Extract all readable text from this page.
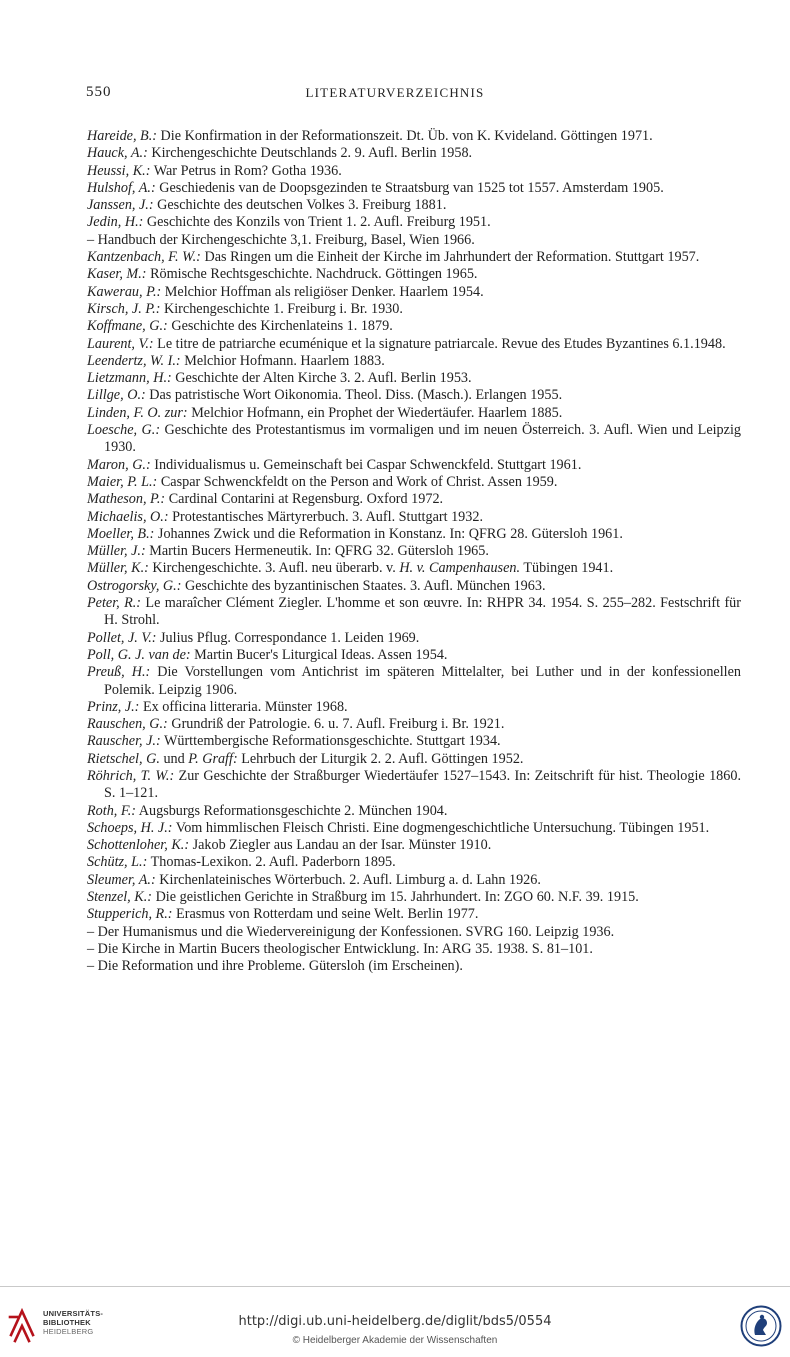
550	LITERATURVERZEICHNIS
Hareide, B.: Die Konfirmation in der Reformationszeit. Dt. Üb. von K. Kvideland. Göttingen 1971.
Hauck, A.: Kirchengeschichte Deutschlands 2. 9. Aufl. Berlin 1958.
Heussi, K.: War Petrus in Rom? Gotha 1936.
Hulshof, A.: Geschiedenis van de Doopsgezinden te Straatsburg van 1525 tot 1557. Amsterdam 1905.
Janssen, J.: Geschichte des deutschen Volkes 3. Freiburg 1881.
Jedin, H.: Geschichte des Konzils von Trient 1. 2. Aufl. Freiburg 1951.
– Handbuch der Kirchengeschichte 3,1. Freiburg, Basel, Wien 1966.
Kantzenbach, F. W.: Das Ringen um die Einheit der Kirche im Jahrhundert der Reformation. Stuttgart 1957.
Kaser, M.: Römische Rechtsgeschichte. Nachdruck. Göttingen 1965.
Kawerau, P.: Melchior Hoffman als religiöser Denker. Haarlem 1954.
Kirsch, J. P.: Kirchengeschichte 1. Freiburg i. Br. 1930.
Koffmane, G.: Geschichte des Kirchenlateins 1. 1879.
Laurent, V.: Le titre de patriarche ecuménique et la signature patriarcale. Revue des Etudes Byzantines 6.1.1948.
Leendertz, W. I.: Melchior Hofmann. Haarlem 1883.
Lietzmann, H.: Geschichte der Alten Kirche 3. 2. Aufl. Berlin 1953.
Lillge, O.: Das patristische Wort Oikonomia. Theol. Diss. (Masch.). Erlangen 1955.
Linden, F. O. zur: Melchior Hofmann, ein Prophet der Wiedertäufer. Haarlem 1885.
Loesche, G.: Geschichte des Protestantismus im vormaligen und im neuen Österreich. 3. Aufl. Wien und Leipzig 1930.
Maron, G.: Individualismus u. Gemeinschaft bei Caspar Schwenckfeld. Stuttgart 1961.
Maier, P. L.: Caspar Schwenckfeldt on the Person and Work of Christ. Assen 1959.
Matheson, P.: Cardinal Contarini at Regensburg. Oxford 1972.
Michaelis, O.: Protestantisches Märtyrerbuch. 3. Aufl. Stuttgart 1932.
Moeller, B.: Johannes Zwick und die Reformation in Konstanz. In: QFRG 28. Gütersloh 1961.
Müller, J.: Martin Bucers Hermeneutik. In: QFRG 32. Gütersloh 1965.
Müller, K.: Kirchengeschichte. 3. Aufl. neu überarb. v. H. v. Campenhausen. Tübingen 1941.
Ostrogorsky, G.: Geschichte des byzantinischen Staates. 3. Aufl. München 1963.
Peter, R.: Le maraîcher Clément Ziegler. L'homme et son œuvre. In: RHPR 34. 1954. S. 255–282. Festschrift für H. Strohl.
Pollet, J. V.: Julius Pflug. Correspondance 1. Leiden 1969.
Poll, G. J. van de: Martin Bucer's Liturgical Ideas. Assen 1954.
Preuß, H.: Die Vorstellungen vom Antichrist im späteren Mittelalter, bei Luther und in der konfessionellen Polemik. Leipzig 1906.
Prinz, J.: Ex officina litteraria. Münster 1968.
Rauschen, G.: Grundriß der Patrologie. 6. u. 7. Aufl. Freiburg i. Br. 1921.
Rauscher, J.: Württembergische Reformationsgeschichte. Stuttgart 1934.
Rietschel, G. und P. Graff: Lehrbuch der Liturgik 2. 2. Aufl. Göttingen 1952.
Röhrich, T. W.: Zur Geschichte der Straßburger Wiedertäufer 1527–1543. In: Zeitschrift für hist. Theologie 1860. S. 1–121.
Roth, F.: Augsburgs Reformationsgeschichte 2. München 1904.
Schoeps, H. J.: Vom himmlischen Fleisch Christi. Eine dogmengeschichtliche Untersuchung. Tübingen 1951.
Schottenloher, K.: Jakob Ziegler aus Landau an der Isar. Münster 1910.
Schütz, L.: Thomas-Lexikon. 2. Aufl. Paderborn 1895.
Sleumer, A.: Kirchenlateinisches Wörterbuch. 2. Aufl. Limburg a. d. Lahn 1926.
Stenzel, K.: Die geistlichen Gerichte in Straßburg im 15. Jahrhundert. In: ZGO 60. N.F. 39. 1915.
Stupperich, R.: Erasmus von Rotterdam und seine Welt. Berlin 1977.
– Der Humanismus und die Wiedervereinigung der Konfessionen. SVRG 160. Leipzig 1936.
– Die Kirche in Martin Bucers theologischer Entwicklung. In: ARG 35. 1938. S. 81–101.
– Die Reformation und ihre Probleme. Gütersloh (im Erscheinen).
UNIVERSITÄTS-
BIBLIOTHEK
HEIDELBERG
http://digi.ub.uni-heidelberg.de/diglit/bds5/0554
© Heidelberger Akademie der Wissenschaften
